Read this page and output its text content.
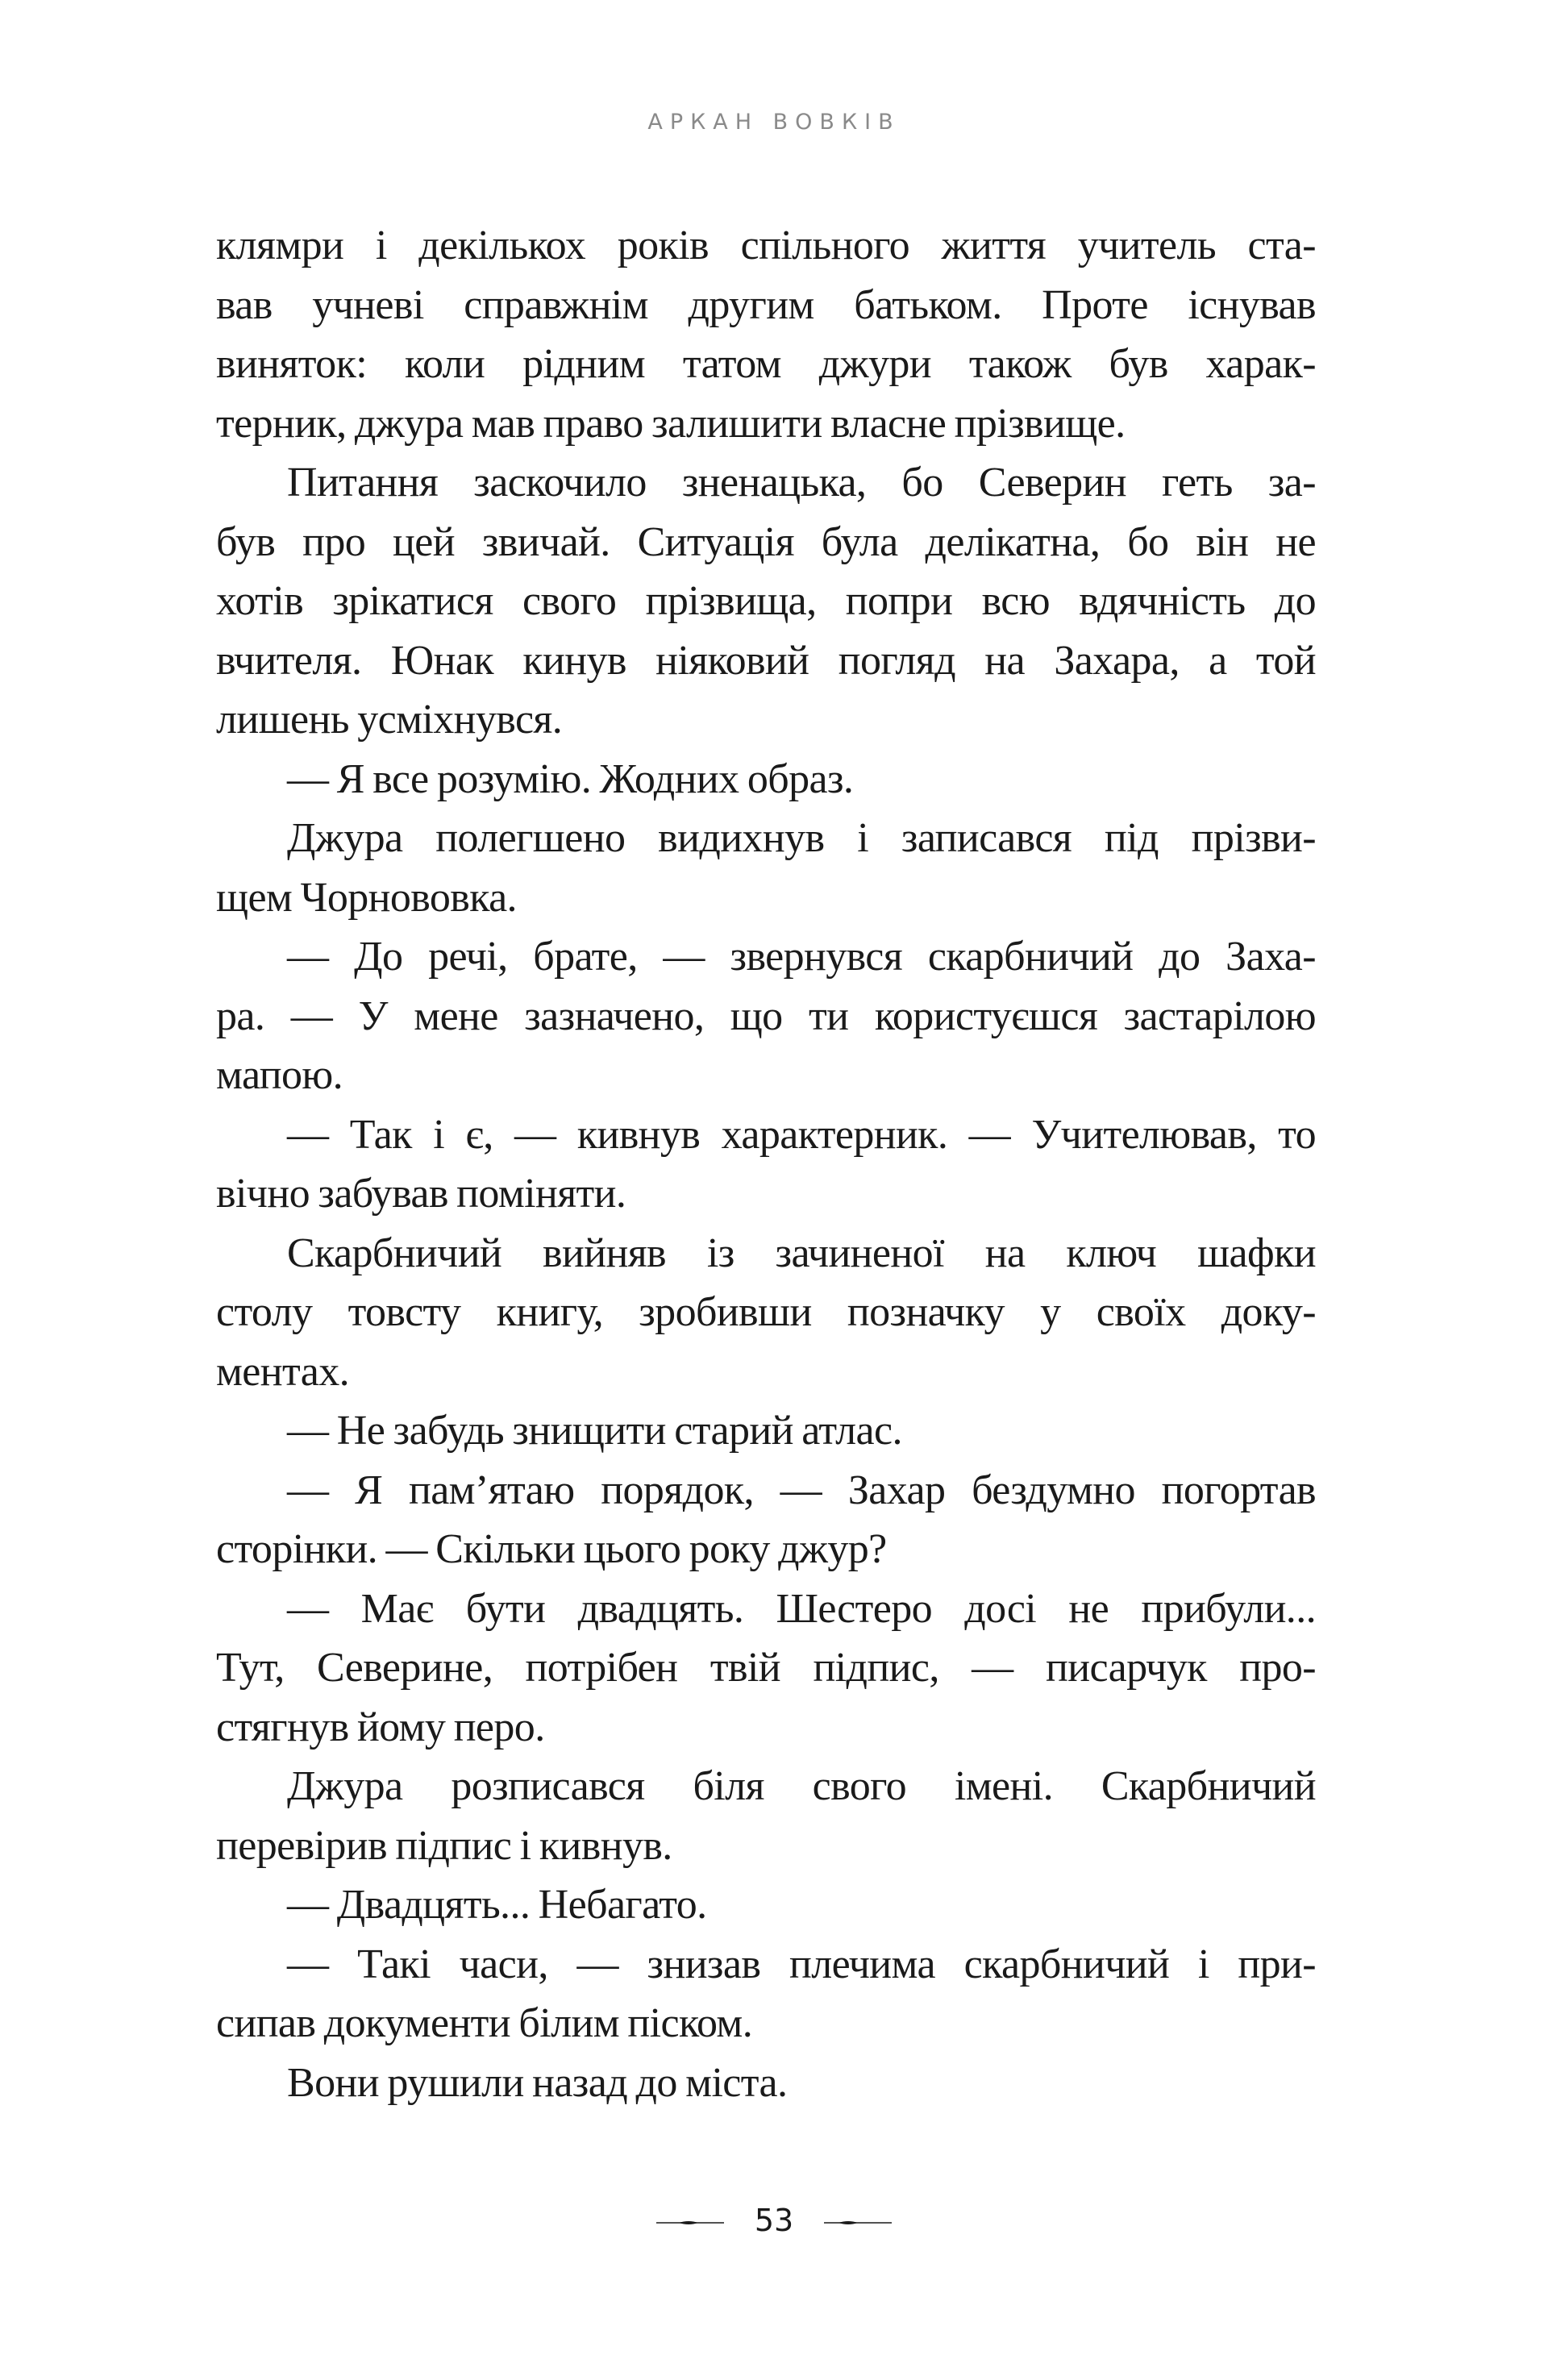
АРКАН ВОВКІВ
клямри і декількох років спільного життя учитель ста-
вав учневі справжнім другим батьком. Проте існував
виняток: коли рідним татом джури також був харак-
терник, джура мав право залишити власне прізвище.
Питання заскочило зненацька, бо Северин геть за-
був про цей звичай. Ситуація була делікатна, бо він не
хотів зрікатися свого прізвища, попри всю вдячність до
вчителя. Юнак кинув ніяковий погляд на Захара, а той
лишень усміхнувся.
— Я все розумію. Жодних образ.
Джура полегшено видихнув і записався під прізви-
щем Чорнововка.
— До речі, брате, — звернувся скарбничий до Заха-
ра. — У мене зазначено, що ти користуєшся застарілою
мапою.
— Так і є, — кивнув характерник. — Учителював, то
вічно забував поміняти.
Скарбничий вийняв із зачиненої на ключ шафки
столу товсту книгу, зробивши позначку у своїх доку-
ментах.
— Не забудь знищити старий атлас.
— Я памʼятаю порядок, — Захар бездумно погортав
сторінки. — Скільки цього року джур?
— Має бути двадцять. Шестеро досі не прибули...
Тут, Северине, потрібен твій підпис, — писарчук про-
стягнув йому перо.
Джура розписався біля свого імені. Скарбничий
перевірив підпис і кивнув.
— Двадцять... Небагато.
— Такі часи, — знизав плечима скарбничий і при-
сипав документи білим піском.
Вони рушили назад до міста.
53
